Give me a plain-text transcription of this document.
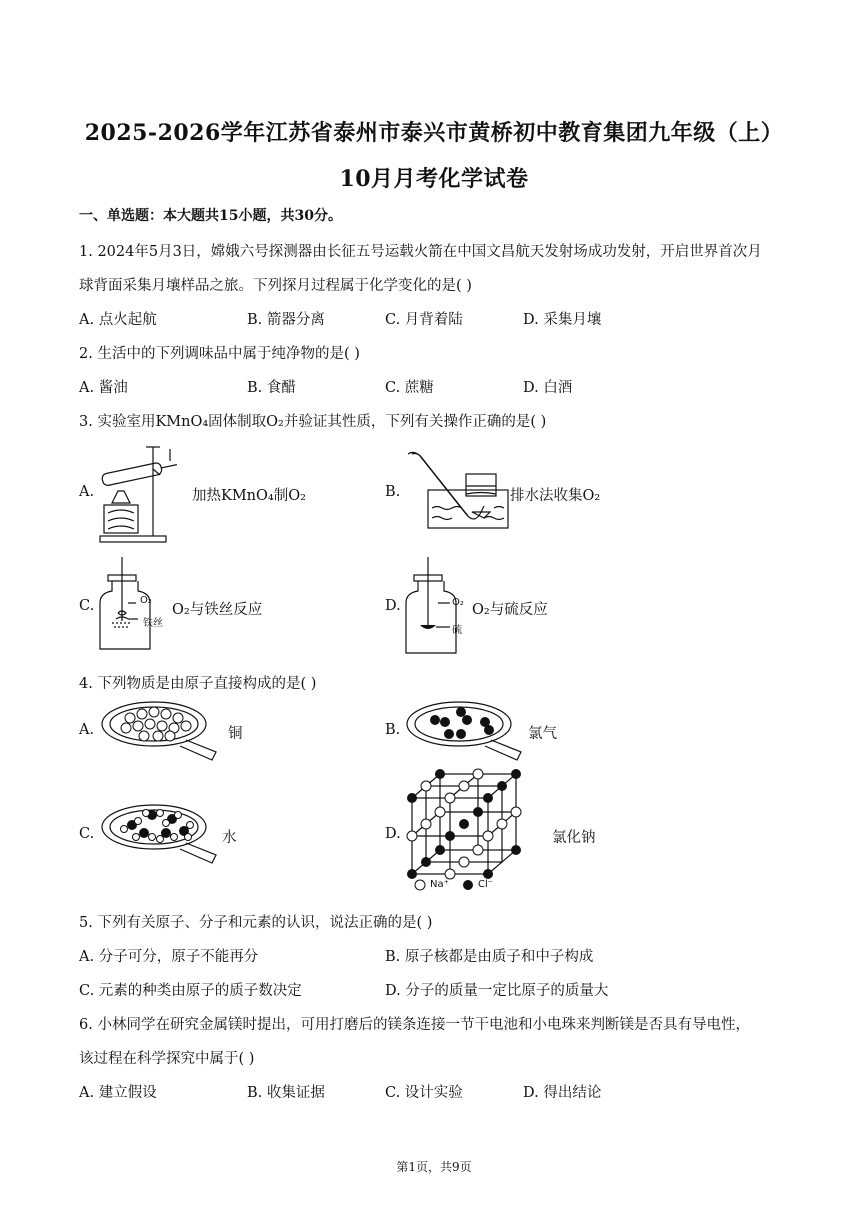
2025-2026学年江苏省泰州市泰兴市黄桥初中教育集团九年级（上）
10月月考化学试卷
一、单选题：本大题共15小题，共30分。
1. 2024年5月3日，嫦娥六号探测器由长征五号运载火箭在中国文昌航天发射场成功发射，开启世界首次月
球背面采集月壤样品之旅。下列探月过程属于化学变化的是( )
A. 点火起航	B. 箭器分离	C. 月背着陆	D. 采集月壤
2. 生活中的下列调味品中属于纯净物的是( )
A. 酱油	B. 食醋	C. 蔗糖	D. 白酒
3. 实验室用KMnO₄固体制取O₂并验证其性质，下列有关操作正确的是( )
A.	加热KMnO₄制O₂	B.	排水法收集O₂
C.	O₂
铁丝
O₂与铁丝反应	D.	O₂
硫
O₂与硫反应
4. 下列物质是由原子直接构成的是( )
A.	铜	B.	氯气
C.	水	D.
Na⁺	Cl⁻
氯化钠
5. 下列有关原子、分子和元素的认识，说法正确的是( )
A. 分子可分，原子不能再分	B. 原子核都是由质子和中子构成
C. 元素的种类由原子的质子数决定	D. 分子的质量一定比原子的质量大
6. 小林同学在研究金属镁时提出，可用打磨后的镁条连接一节干电池和小电珠来判断镁是否具有导电性，
该过程在科学探究中属于( )
A. 建立假设	B. 收集证据	C. 设计实验	D. 得出结论
第1页，共9页
